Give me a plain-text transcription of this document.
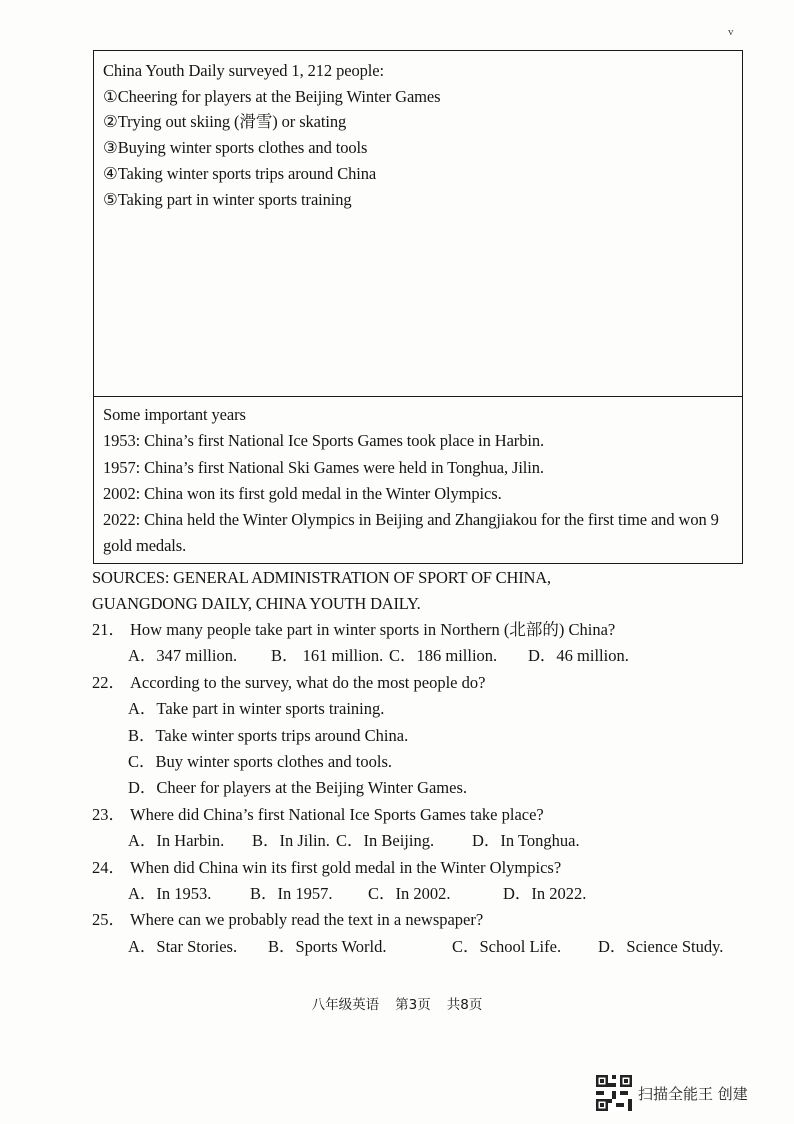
v
China Youth Daily surveyed 1, 212 people:
①Cheering for players at the Beijing Winter Games
②Trying out skiing (滑雪) or skating
③Buying winter sports clothes and tools
④Taking winter sports trips around China
⑤Taking part in winter sports training
Some important years
1953: China’s first National Ice Sports Games took place in Harbin.
1957: China’s first National Ski Games were held in Tonghua, Jilin.
2002: China won its first gold medal in the Winter Olympics.
2022: China held the Winter Olympics in Beijing and Zhangjiakou for the first time and won 9 gold medals.
SOURCES: GENERAL ADMINISTRATION OF SPORT OF CHINA,
GUANGDONG DAILY, CHINA YOUTH DAILY.
21． How many people take part in winter sports in Northern (北部的) China?
A．347 million. B． 161 million. C．186 million. D．46 million.
22． According to the survey, what do the most people do?
A．Take part in winter sports training.
B．Take winter sports trips around China.
C．Buy winter sports clothes and tools.
D．Cheer for players at the Beijing Winter Games.
23． Where did China’s first National Ice Sports Games take place?
A．In Harbin. B．In Jilin. C．In Beijing. D．In Tonghua.
24． When did China win its first gold medal in the Winter Olympics?
A．In 1953. B．In 1957. C．In 2002.	D．In 2022.
25． Where can we probably read the text in a newspaper?
A．Star Stories. B．Sports World.	C．School Life. D．Science Study.
八年级英语 第3页 共8页
扫描全能王 创建
